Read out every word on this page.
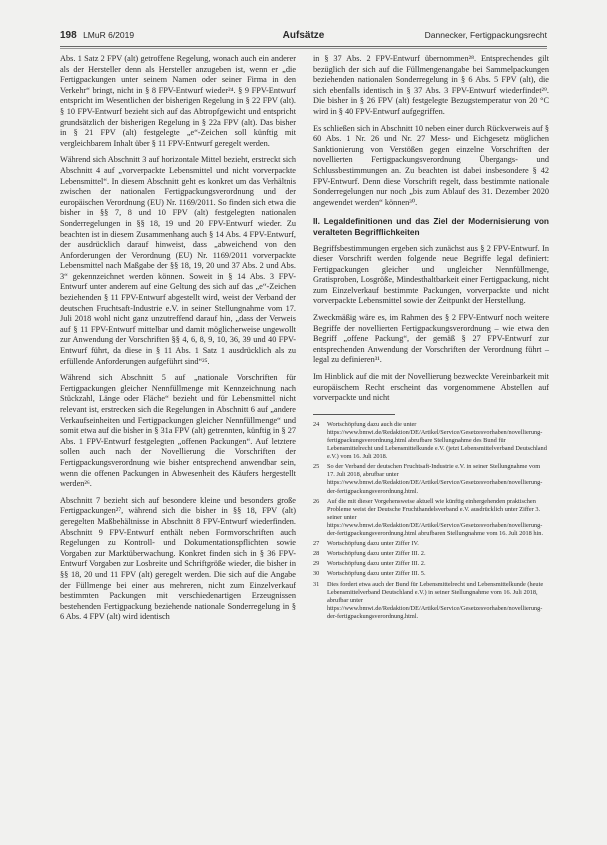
198 LMuR 6/2019	Aufsätze	Dannecker, Fertigpackungsrecht

Abs. 1 Satz 2 FPV (alt) getroffene Regelung, wonach auch ein anderer als der Hersteller denn als Hersteller anzugeben ist, wenn er „die Fertigpackungen unter seinem Namen oder seiner Firma in den Verkehr“ bringt, nicht in § 8 FPV-Entwurf wieder²⁴. § 9 FPV-Entwurf entspricht im Wesentlichen der bisherigen Regelung in § 22 FPV (alt). § 10 FPV-Entwurf bezieht sich auf das Abtropfgewicht und entspricht grundsätzlich der bisherigen Regelung in § 22a FPV (alt). Das bisher in § 21 FPV (alt) festgelegte „e“-Zeichen soll künftig mit vergleichbarem Inhalt über § 11 FPV-Entwurf geregelt werden.

Während sich Abschnitt 3 auf horizontale Mittel bezieht, erstreckt sich Abschnitt 4 auf „vorverpackte Lebensmittel und nicht vorverpackte Lebensmittel“. In diesem Abschnitt geht es konkret um das Verhältnis zwischen der nationalen Fertigpackungsverordnung und der europäischen Verordnung (EU) Nr. 1169/2011. So finden sich etwa die bisher in §§ 7, 8 und 10 FPV (alt) festgelegten nationalen Sonderregelungen in §§ 18, 19 und 20 FPV-Entwurf wieder. Zu beachten ist in diesem Zusammenhang auch § 14 Abs. 4 FPV-Entwurf, der ausdrücklich darauf hinweist, dass „abweichend von den Anforderungen der Verordnung (EU) Nr. 1169/2011 vorverpackte Lebensmittel nach Maßgabe der §§ 18, 19, 20 und 37 Abs. 2 und Abs. 3“ gekennzeichnet werden können. Soweit in § 14 Abs. 3 FPV-Entwurf unter anderem auf eine Geltung des sich auf das „e“-Zeichen beziehenden § 11 FPV-Entwurf abgestellt wird, weist der Verband der deutschen Fruchtsaft-Industrie e.V. in seiner Stellungnahme vom 17. Juli 2018 wohl nicht ganz unzutreffend darauf hin, „dass der Verweis auf § 11 FPV-Entwurf mittelbar und damit möglicherweise ungewollt zur Anwendung der Vorschriften §§ 4, 6, 8, 9, 10, 36, 39 und 40 FPV-Entwurf führt, da diese in § 11 Abs. 1 Satz 1 ausdrücklich als zu erfüllende Anforderungen aufgeführt sind“²⁵.

Während sich Abschnitt 5 auf „nationale Vorschriften für Fertigpackungen gleicher Nennfüllmenge mit Kennzeichnung nach Stückzahl, Länge oder Fläche“ bezieht und für Lebensmittel nicht relevant ist, erstrecken sich die Regelungen in Abschnitt 6 auf „andere Verkaufseinheiten und Fertigpackungen gleicher Nennfüllmenge“ und somit etwa auf die bisher in § 31a FPV (alt) getrennten, künftig in § 27 Abs. 1 FPV-Entwurf festgelegten „offenen Packungen“. Auf letztere sollen auch nach der Novellierung die Vorschriften der Fertigpackungsverordnung wie bisher entsprechend anwendbar sein, wenn die offenen Packungen in Abwesenheit des Käufers hergestellt werden²⁶.

Abschnitt 7 bezieht sich auf besondere kleine und besonders große Fertigpackungen²⁷, während sich die bisher in §§ 18, FPV (alt) geregelten Maßbehältnisse in Abschnitt 8 FPV-Entwurf wiederfinden. Abschnitt 9 FPV-Entwurf enthält neben Formvorschriften auch Regelungen zu Kontroll- und Dokumentationspflichten sowie Vorgaben zur Marktüberwachung. Konkret finden sich in § 36 FPV-Entwurf Vorgaben zur Losbreite und Schriftgröße wieder, die bisher in §§ 18, 20 und 11 FPV (alt) geregelt werden. Die sich auf die Angabe der Füllmenge bei einer aus mehreren, nicht zum Einzelverkauf bestimmten Packungen mit verschiedenartigen Erzeugnissen bestehenden Fertigpackung beziehende nationale Sonderregelung in § 6 Abs. 4 FPV (alt) wird identisch

in § 37 Abs. 2 FPV-Entwurf übernommen²⁸. Entsprechendes gilt bezüglich der sich auf die Füllmengenangabe bei Sammelpackungen beziehenden nationalen Sonderregelung in § 6 Abs. 5 FPV (alt), die sich ebenfalls identisch in § 37 Abs. 3 FPV-Entwurf wiederfindet²⁹. Die bisher in § 26 FPV (alt) festgelegte Bezugstemperatur von 20 °C wird in § 40 FPV-Entwurf aufgegriffen.

Es schließen sich in Abschnitt 10 neben einer durch Rückverweis auf § 60 Abs. 1 Nr. 26 und Nr. 27 Mess- und Eichgesetz möglichen Sanktionierung von Verstößen gegen einzelne Vorschriften der novellierten Fertigpackungsverordnung Übergangs- und Schlussbestimmungen an. Zu beachten ist dabei insbesondere § 42 FPV-Entwurf. Denn diese Vorschrift regelt, dass bestimmte nationale Sonderregelungen nur noch „bis zum Ablauf des 31. Dezember 2020 angewendet werden“ können³⁰.

II. Legaldefinitionen und das Ziel der Modernisierung von veralteten Begrifflichkeiten

Begriffsbestimmungen ergeben sich zunächst aus § 2 FPV-Entwurf. In dieser Vorschrift werden folgende neue Begriffe legal definiert: Fertigpackungen gleicher und ungleicher Nennfüllmenge, Gratisproben, Losgröße, Mindesthaltbarkeit einer Fertigpackung, nicht zum Einzelverkauf bestimmte Packungen, vorverpackte und nicht vorverpackte Lebensmittel sowie der Zeitpunkt der Herstellung.

Zweckmäßig wäre es, im Rahmen des § 2 FPV-Entwurf noch weitere Begriffe der novellierten Fertigpackungsverordnung – wie etwa den Begriff „offene Packung“, der gemäß § 27 FPV-Entwurf zur entsprechenden Anwendung der Vorschriften der Verordnung führt – legal zu definieren³¹.

Im Hinblick auf die mit der Novellierung bezweckte Vereinbarkeit mit europäischem Recht erscheint das vorgenommene Abstellen auf vorverpackte und nicht

24	Wortschöpfung dazu auch die unter https://www.bmwi.de/Redaktion/DE/Artikel/Service/Gesetzesvorhaben/novellierung-fertigpackungsverordnung.html abrufbare Stellungnahme des Bund für Lebensmittelrecht und Lebensmittelkunde e.V. (jetzt Lebensmittelverband Deutschland e.V.) vom 16. Juli 2018.
25	So der Verband der deutschen Fruchtsaft-Industrie e.V. in seiner Stellungnahme vom 17. Juli 2018, abrufbar unter https://www.bmwi.de/Redaktion/DE/Artikel/Service/Gesetzesvorhaben/novellierung-der-fertigpackungsverordnung.html.
26	Auf die mit dieser Vorgehensweise aktuell wie künftig einhergehenden praktischen Probleme weist der Deutsche Fruchthandelsverband e.V. ausdrücklich unter Ziffer 3. seiner unter https://www.bmwi.de/Redaktion/DE/Artikel/Service/Gesetzesvorhaben/novellierung-der-fertigpackungsverordnung.html abrufbaren Stellungnahme vom 16. Juli 2018 hin.
27	Wortschöpfung dazu unter Ziffer IV.
28	Wortschöpfung dazu unter Ziffer III. 2.
29	Wortschöpfung dazu unter Ziffer III. 2.
30	Wortschöpfung dazu unter Ziffer III. 5.
31	Dies fordert etwa auch der Bund für Lebensmittelrecht und Lebensmittelkunde (heute Lebensmittelverband Deutschland e.V.) in seiner Stellungnahme vom 16. Juli 2018, abrufbar unter https://www.bmwi.de/Redaktion/DE/Artikel/Service/Gesetzesvorhaben/novellierung-der-fertigpackungsverordnung.html.
